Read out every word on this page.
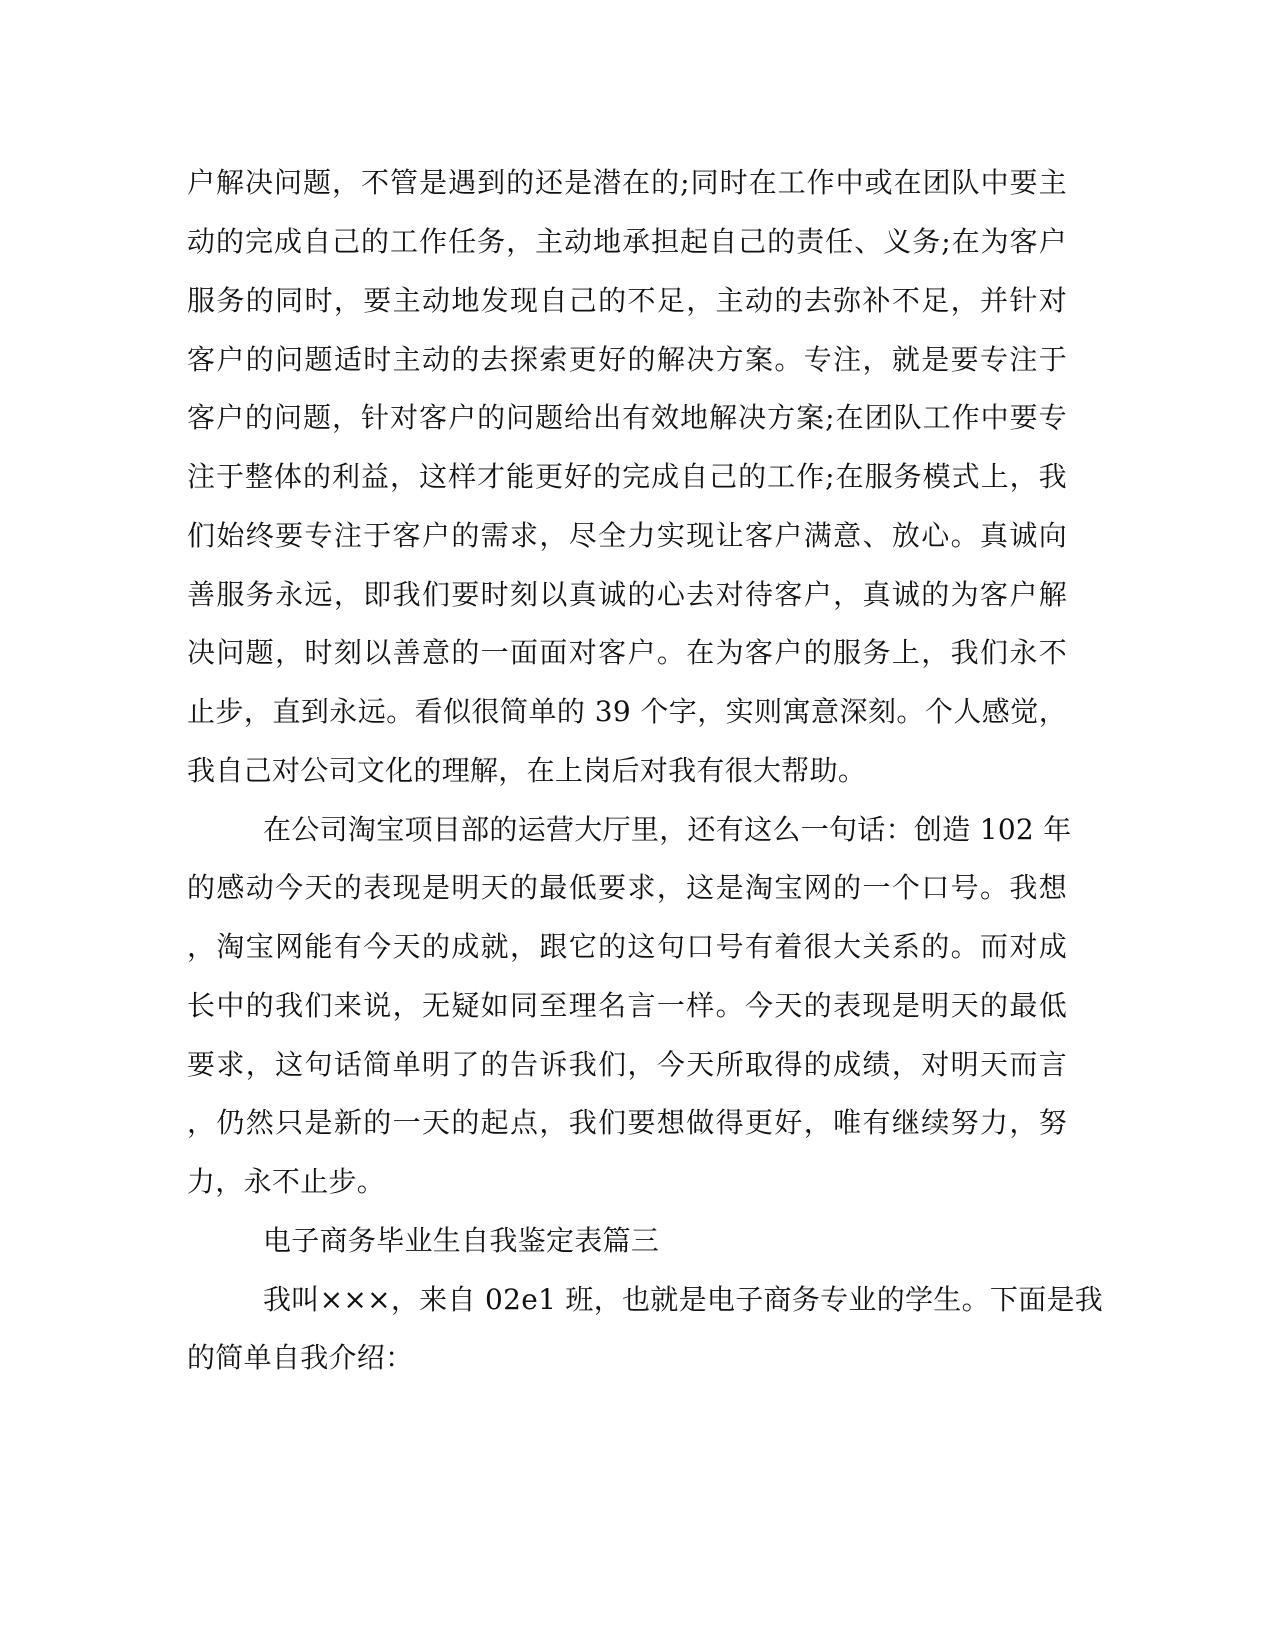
户解决问题，不管是遇到的还是潜在的;同时在工作中或在团队中要主

动的完成自己的工作任务，主动地承担起自己的责任、义务;在为客户

服务的同时，要主动地发现自己的不足，主动的去弥补不足，并针对

客户的问题适时主动的去探索更好的解决方案。专注，就是要专注于

客户的问题，针对客户的问题给出有效地解决方案;在团队工作中要专

注于整体的利益，这样才能更好的完成自己的工作;在服务模式上，我

们始终要专注于客户的需求，尽全力实现让客户满意、放心。真诚向

善服务永远，即我们要时刻以真诚的心去对待客户，真诚的为客户解

决问题，时刻以善意的一面面对客户。在为客户的服务上，我们永不

止步，直到永远。看似很简单的 39 个字，实则寓意深刻。个人感觉，

我自己对公司文化的理解，在上岗后对我有很大帮助。

在公司淘宝项目部的运营大厅里，还有这么一句话：创造 102 年

的感动今天的表现是明天的最低要求，这是淘宝网的一个口号。我想

，淘宝网能有今天的成就，跟它的这句口号有着很大关系的。而对成

长中的我们来说，无疑如同至理名言一样。今天的表现是明天的最低

要求，这句话简单明了的告诉我们，今天所取得的成绩，对明天而言

，仍然只是新的一天的起点，我们要想做得更好，唯有继续努力，努

力，永不止步。

电子商务毕业生自我鉴定表篇三

我叫×××，来自 02e1 班，也就是电子商务专业的学生。下面是我

的简单自我介绍：
